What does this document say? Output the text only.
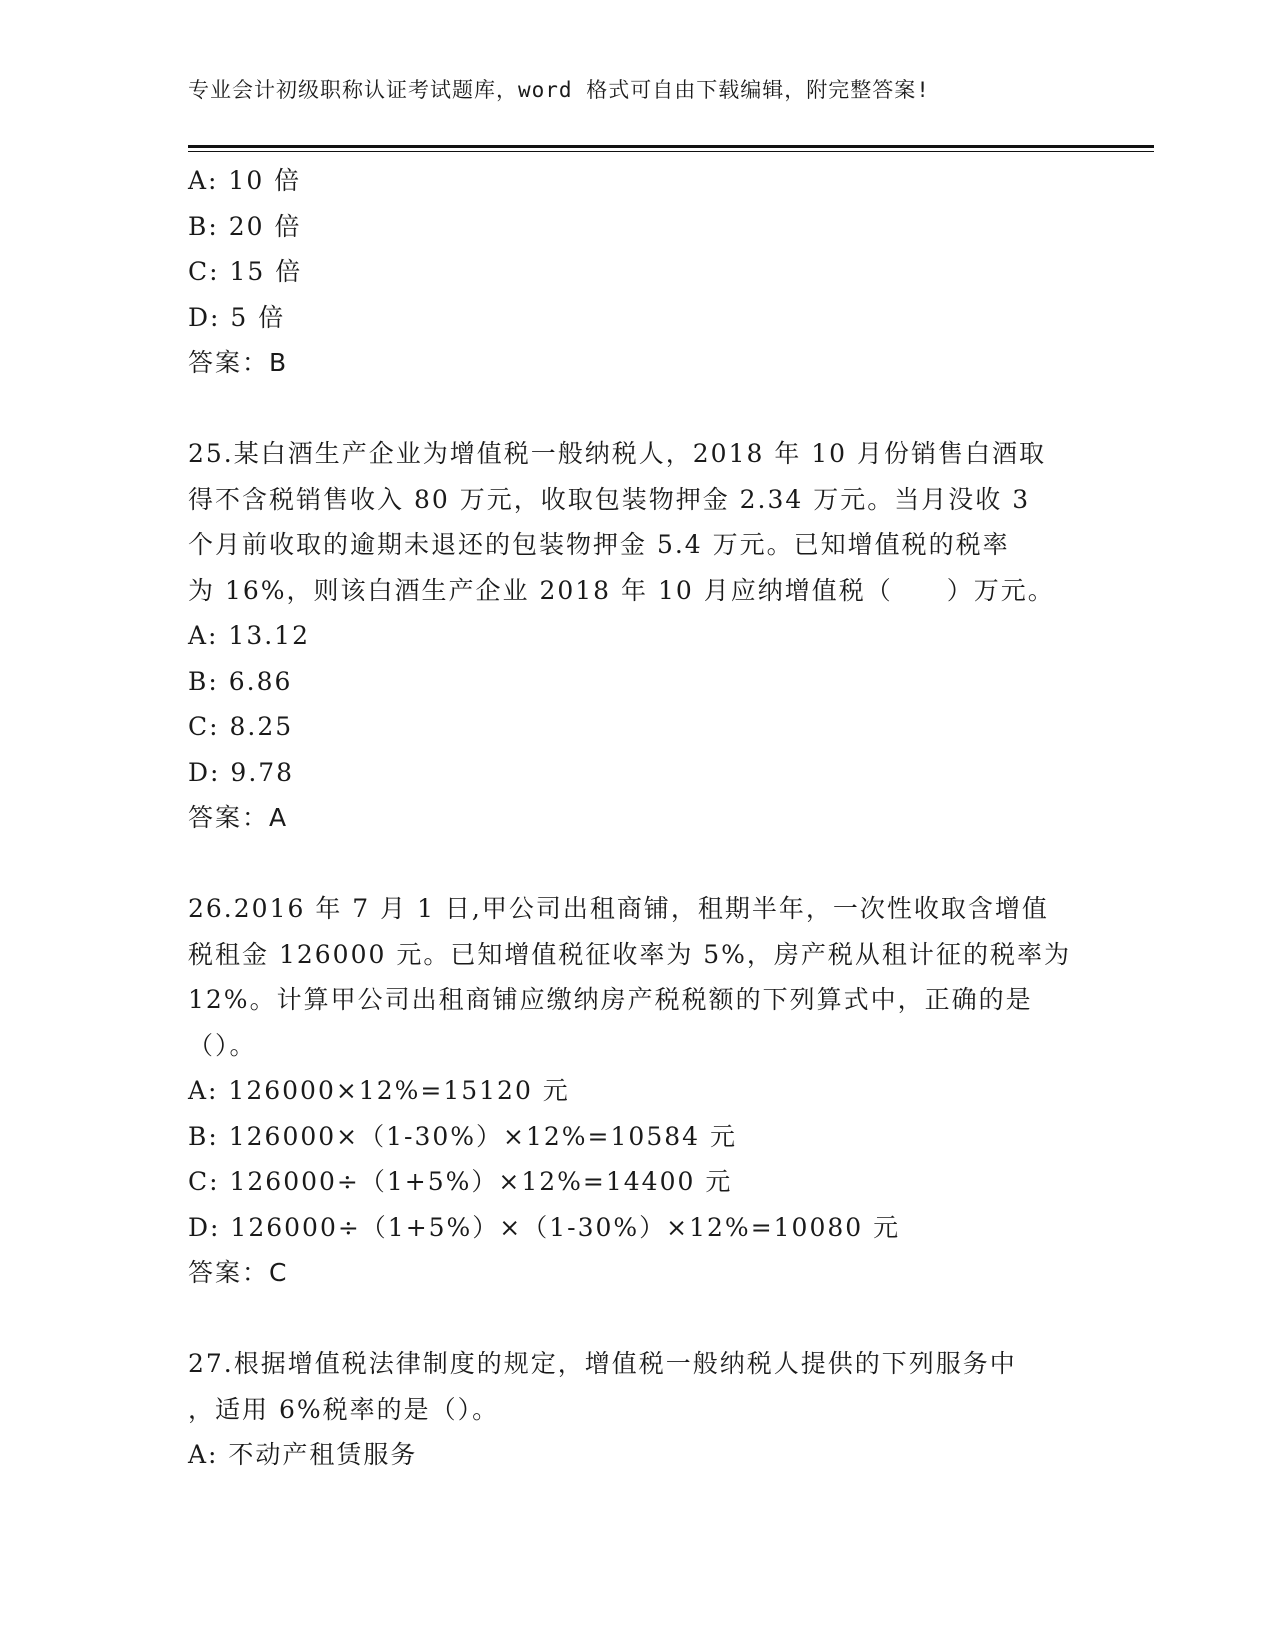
专业会计初级职称认证考试题库，word 格式可自由下载编辑，附完整答案!
A: 10 倍
B: 20 倍
C: 15 倍
D: 5 倍
答案：B
25.某白酒生产企业为增值税一般纳税人，2018 年 10 月份销售白酒取
得不含税销售收入 80 万元，收取包装物押金 2.34 万元。当月没收 3
个月前收取的逾期未退还的包装物押金 5.4 万元。已知增值税的税率
为 16%，则该白酒生产企业 2018 年 10 月应纳增值税（　　）万元。
A: 13.12
B: 6.86
C: 8.25
D: 9.78
答案：A
26.2016 年 7 月 1 日,甲公司出租商铺，租期半年，一次性收取含增值
税租金 126000 元。已知增值税征收率为 5%，房产税从租计征的税率为
12%。计算甲公司出租商铺应缴纳房产税税额的下列算式中，正确的是
（）。
A: 126000×12%=15120 元
B: 126000×（1-30%）×12%=10584 元
C: 126000÷（1+5%）×12%=14400 元
D: 126000÷（1+5%）×（1-30%）×12%=10080 元
答案：C
27.根据增值税法律制度的规定，增值税一般纳税人提供的下列服务中
，适用 6%税率的是（）。
A: 不动产租赁服务
